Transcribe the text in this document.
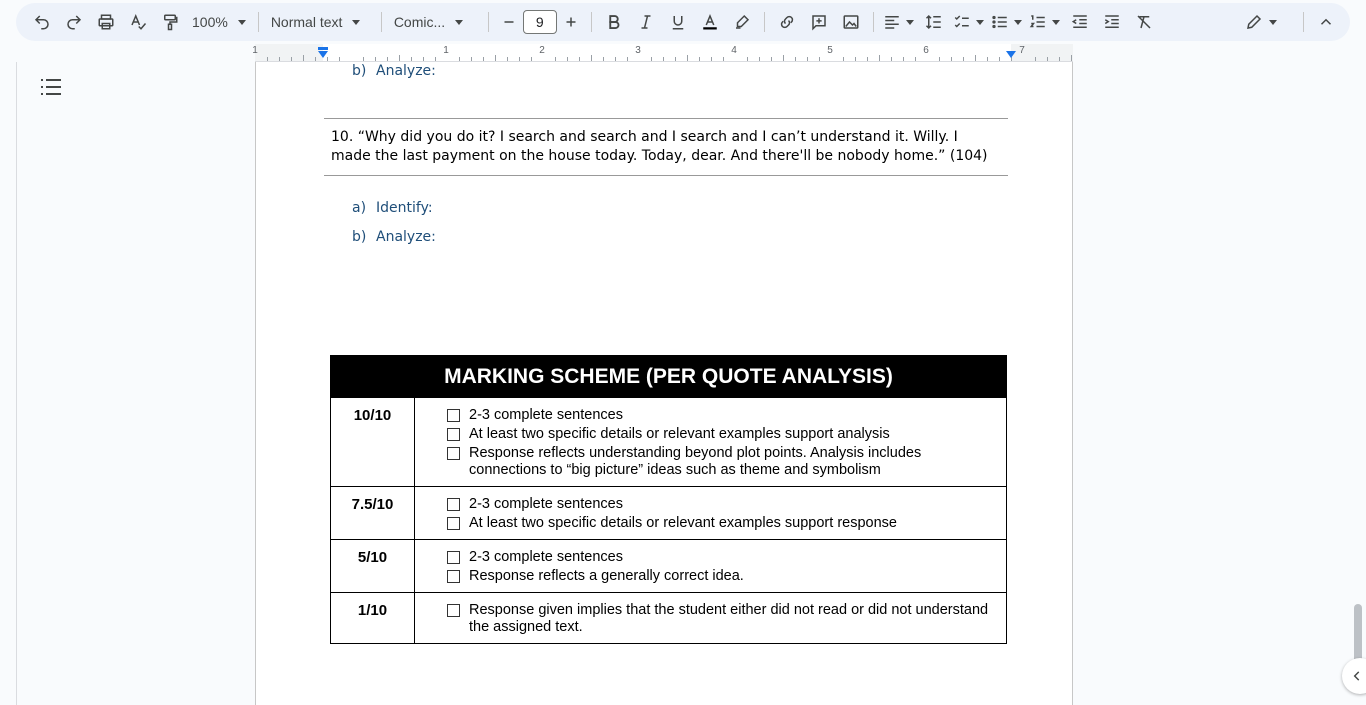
100%	Normal text	Comic...	9
1	1	2	3	4	5	6	7
b) Analyze:
10. “Why did you do it? I search and search and I search and I can’t understand it. Willy. I made the last payment on the house today. Today, dear. And there'll be nobody home.” (104)
a) Identify:
b) Analyze:
MARKING SCHEME (PER QUOTE ANALYSIS)
10/10	2-3 complete sentences
At least two specific details or relevant examples support analysis
Response reflects understanding beyond plot points. Analysis includes connections to “big picture” ideas such as theme and symbolism
7.5/10	2-3 complete sentences
At least two specific details or relevant examples support response
5/10	2-3 complete sentences
Response reflects a generally correct idea.
1/10	Response given implies that the student either did not read or did not understand the assigned text.
